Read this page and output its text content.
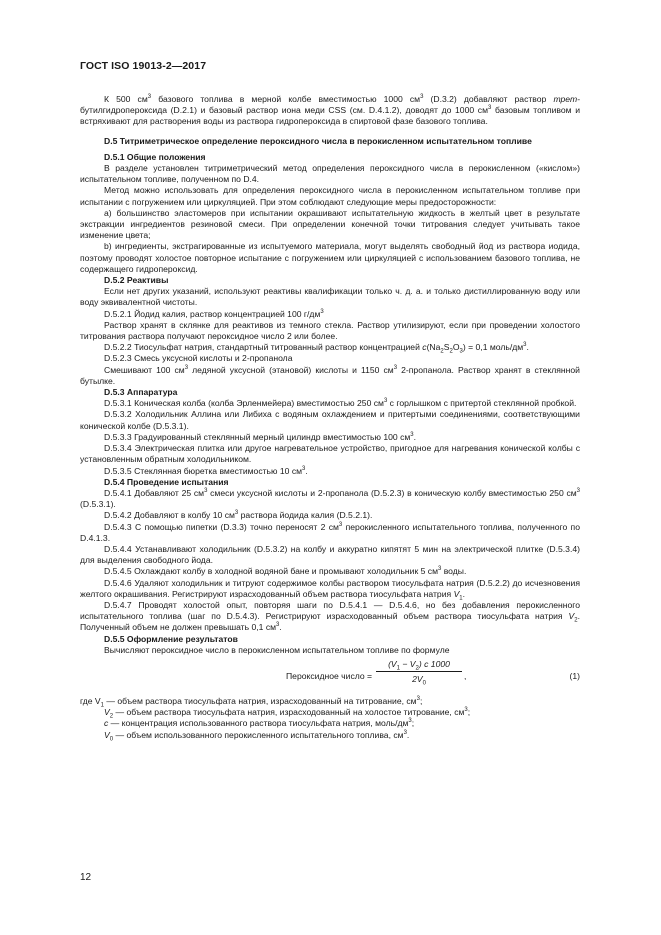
ГОСТ ISO 19013-2—2017

К 500 $см^3$ базового топлива в мерной колбе вместимостью 1000 $см^3$ (D.3.2) добавляют раствор трет-бутилгидропероксида (D.2.1) и базовый раствор иона меди CSS (см. D.4.1.2), доводят до 1000 $см^3$ базовым топливом и встряхивают для растворения воды из раствора гидропероксида в спиртовой фазе базового топлива.

D.5 Титриметрическое определение пероксидного числа в перокисленном испытательном топливе

D.5.1 Общие положения

В разделе установлен титриметрический метод определения пероксидного числа в перокисленном («кислом») испытательном топливе, полученном по D.4.

Метод можно использовать для определения пероксидного числа в перокисленном испытательном топливе при испытании с погружением или циркуляцией. При этом соблюдают следующие меры предосторожности:

а) большинство эластомеров при испытании окрашивают испытательную жидкость в желтый цвет в результате экстракции ингредиентов резиновой смеси. При определении конечной точки титрования следует учитывать такое изменение цвета;

b) ингредиенты, экстрагированные из испытуемого материала, могут выделять свободный йод из раствора иодида, поэтому проводят холостое повторное испытание с погружением или циркуляцией с использованием базового топлива, не содержащего гидропероксид.

D.5.2 Реактивы

Если нет других указаний, используют реактивы квалификации только ч. д. а. и только дистиллированную воду или воду эквивалентной чистоты.

D.5.2.1 Йодид калия, раствор концентрацией 100 $г/дм^3$

Раствор хранят в склянке для реактивов из темного стекла. Раствор утилизируют, если при проведении холостого титрования раствора получают пероксидное число 2 или более.

D.5.2.2 Тиосульфат натрия, стандартный титрованный раствор концентрацией $c(Na_2S_2O_3) = 0,1$ моль/$дм^3$.

D.5.2.3 Смесь уксусной кислоты и 2-пропанола

Смешивают 100 $см^3$ ледяной уксусной (этановой) кислоты и 1150 $см^3$ 2-пропанола. Раствор хранят в стеклянной бутылке.

D.5.3 Аппаратура

D.5.3.1 Коническая колба (колба Эрленмейера) вместимостью 250 $см^3$ с горлышком с притертой стеклянной пробкой.

D.5.3.2 Холодильник Аллина или Либиха с водяным охлаждением и притертыми соединениями, соответствующими конической колбе (D.5.3.1).

D.5.3.3 Градуированный стеклянный мерный цилиндр вместимостью 100 $см^3$.

D.5.3.4 Электрическая плитка или другое нагревательное устройство, пригодное для нагревания конической колбы с установленным обратным холодильником.

D.5.3.5 Стеклянная бюретка вместимостью 10 $см^3$.

D.5.4 Проведение испытания

D.5.4.1 Добавляют 25 $см^3$ смеси уксусной кислоты и 2-пропанола (D.5.2.3) в коническую колбу вместимостью 250 $см^3$ (D.5.3.1).

D.5.4.2 Добавляют в колбу 10 $см^3$ раствора йодида калия (D.5.2.1).

D.5.4.3 С помощью пипетки (D.3.3) точно переносят 2 $см^3$ перокисленного испытательного топлива, полученного по D.4.1.3.

D.5.4.4 Устанавливают холодильник (D.5.3.2) на колбу и аккуратно кипятят 5 мин на электрической плитке (D.5.3.4) для выделения свободного йода.

D.5.4.5 Охлаждают колбу в холодной водяной бане и промывают холодильник 5 $см^3$ воды.

D.5.4.6 Удаляют холодильник и титруют содержимое колбы раствором тиосульфата натрия (D.5.2.2) до исчезновения желтого окрашивания. Регистрируют израсходованный объем раствора тиосульфата натрия $V_1$.

D.5.4.7 Проводят холостой опыт, повторяя шаги по D.5.4.1 — D.5.4.6, но без добавления перокисленного испытательного топлива (шаг по D.5.4.3). Регистрируют израсходованный объем раствора тиосульфата натрия $V_2$. Полученный объем не должен превышать 0,1 $см^3$.

D.5.5 Оформление результатов

Вычисляют пероксидное число в перокисленном испытательном топливе по формуле

Пероксидное число = $\frac{(V_1 - V_2) c 1000}{2V_0}$ ,	(1)

где $V_1$ — объем раствора тиосульфата натрия, израсходованный на титрование, $см^3$;

$V_2$ — объем раствора тиосульфата натрия, израсходованный на холостое титрование, $см^3$;

c — концентрация использованного раствора тиосульфата натрия, моль/$дм^3$;

$V_0$ — объем использованного перокисленного испытательного топлива, $см^3$.

12
